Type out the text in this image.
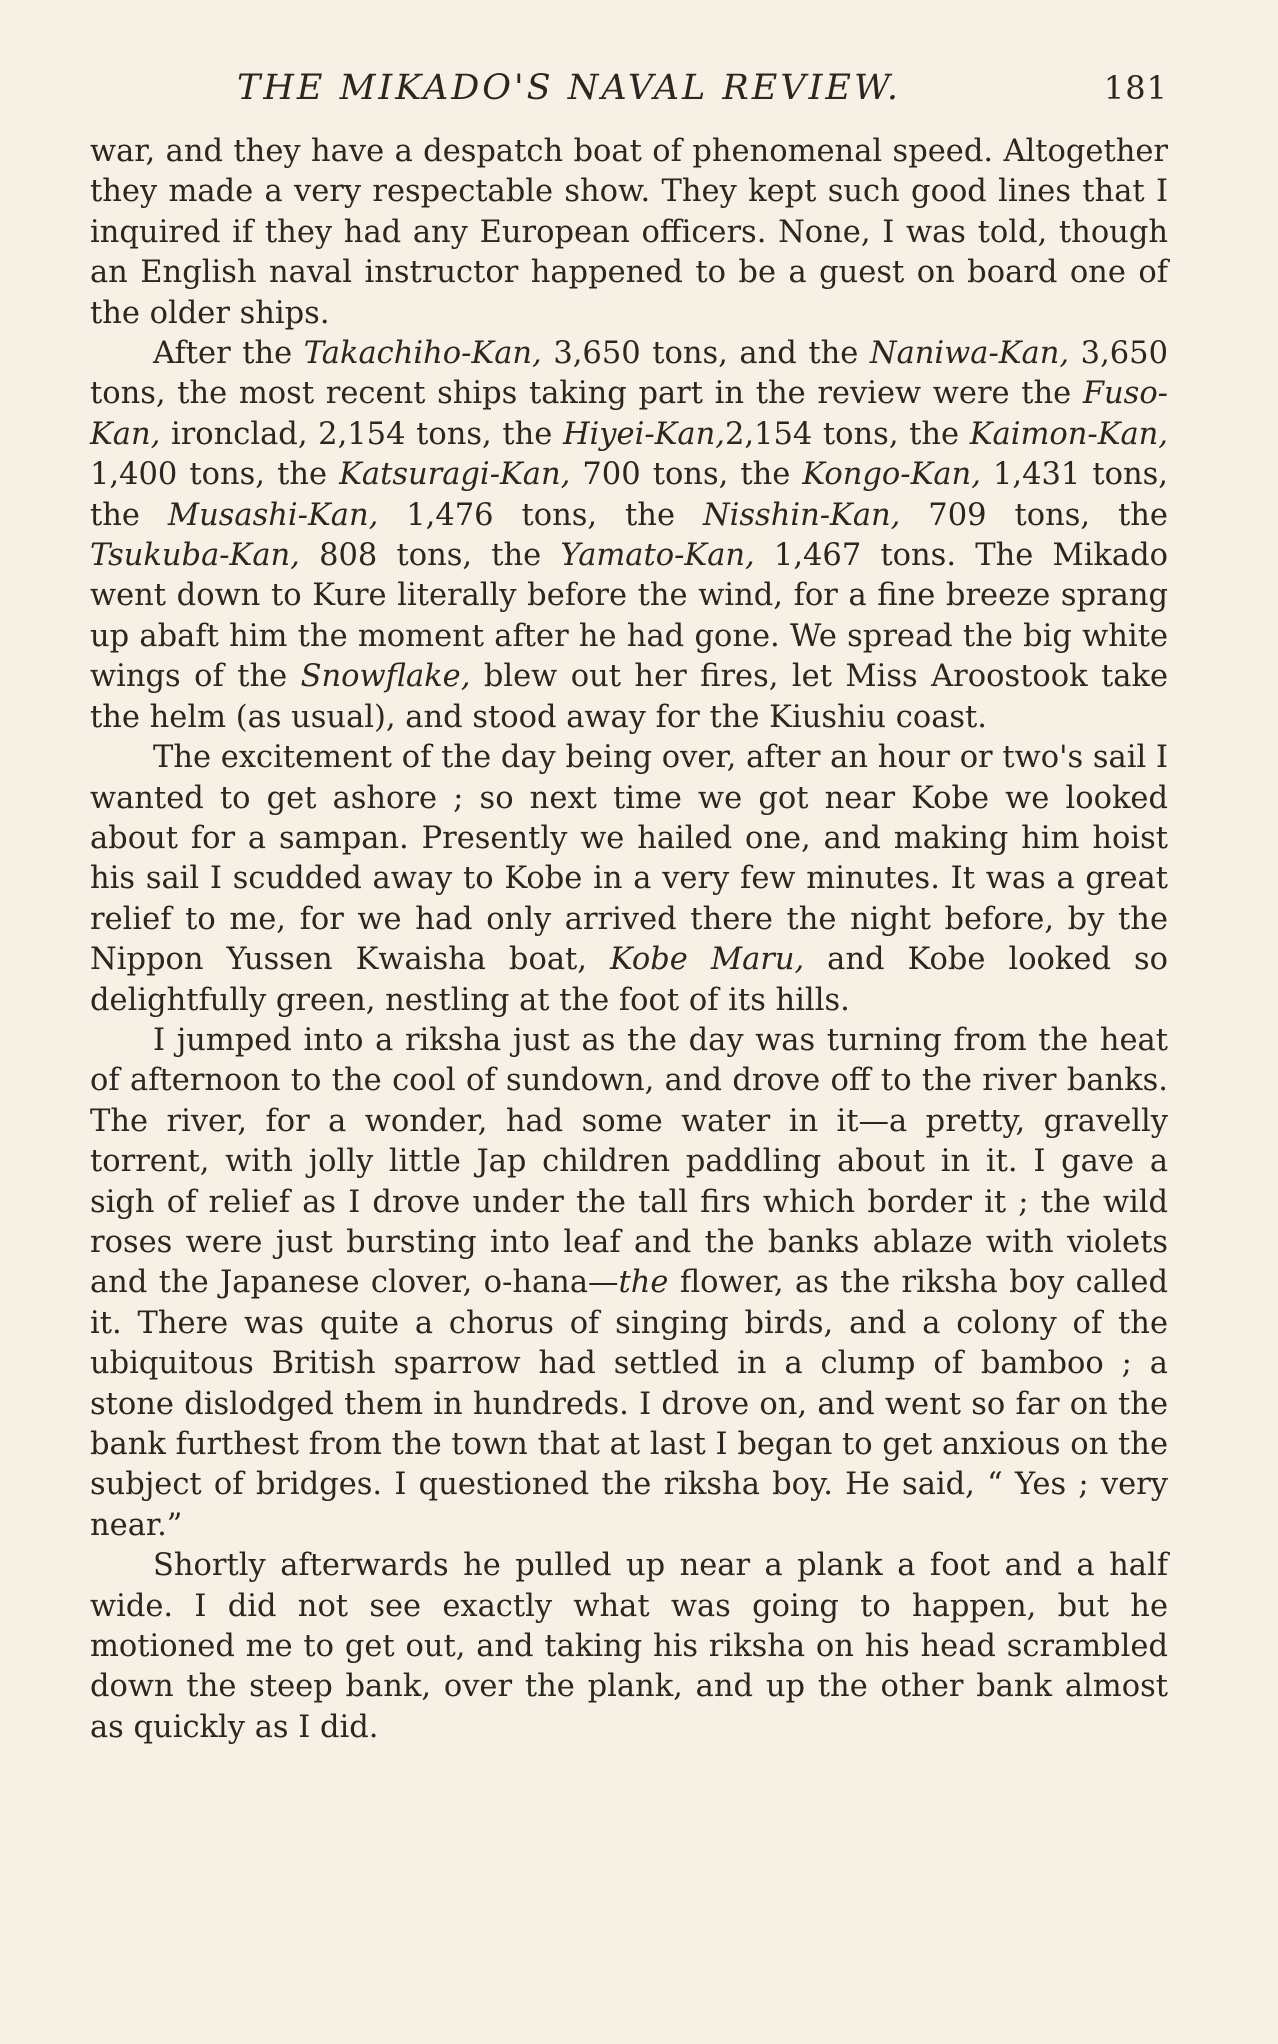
THE MIKADO'S NAVAL REVIEW.	181

war, and they have a despatch boat of phenomenal speed. Altogether they made a very respectable show. They kept such good lines that I inquired if they had any European officers. None, I was told, though an English naval instructor happened to be a guest on board one of the older ships.

After the Takachiho-Kan, 3,650 tons, and the Naniwa-Kan, 3,650 tons, the most recent ships taking part in the review were the Fuso-Kan, ironclad, 2,154 tons, the Hiyei-Kan,2,154 tons, the Kaimon-Kan, 1,400 tons, the Katsuragi-Kan, 700 tons, the Kongo-Kan, 1,431 tons, the Musashi-Kan, 1,476 tons, the Nisshin-Kan, 709 tons, the Tsukuba-Kan, 808 tons, the Yamato-Kan, 1,467 tons. The Mikado went down to Kure literally before the wind, for a fine breeze sprang up abaft him the moment after he had gone. We spread the big white wings of the Snowflake, blew out her fires, let Miss Aroostook take the helm (as usual), and stood away for the Kiushiu coast.

The excitement of the day being over, after an hour or two's sail I wanted to get ashore ; so next time we got near Kobe we looked about for a sampan. Presently we hailed one, and making him hoist his sail I scudded away to Kobe in a very few minutes. It was a great relief to me, for we had only arrived there the night before, by the Nippon Yussen Kwaisha boat, Kobe Maru, and Kobe looked so delightfully green, nestling at the foot of its hills.

I jumped into a riksha just as the day was turning from the heat of afternoon to the cool of sundown, and drove off to the river banks. The river, for a wonder, had some water in it—a pretty, gravelly torrent, with jolly little Jap children paddling about in it. I gave a sigh of relief as I drove under the tall firs which border it ; the wild roses were just bursting into leaf and the banks ablaze with violets and the Japanese clover, o-hana—the flower, as the riksha boy called it. There was quite a chorus of singing birds, and a colony of the ubiquitous British sparrow had settled in a clump of bamboo ; a stone dislodged them in hundreds. I drove on, and went so far on the bank furthest from the town that at last I began to get anxious on the subject of bridges. I questioned the riksha boy. He said, “ Yes ; very near.”

Shortly afterwards he pulled up near a plank a foot and a half wide. I did not see exactly what was going to happen, but he motioned me to get out, and taking his riksha on his head scrambled down the steep bank, over the plank, and up the other bank almost as quickly as I did.
